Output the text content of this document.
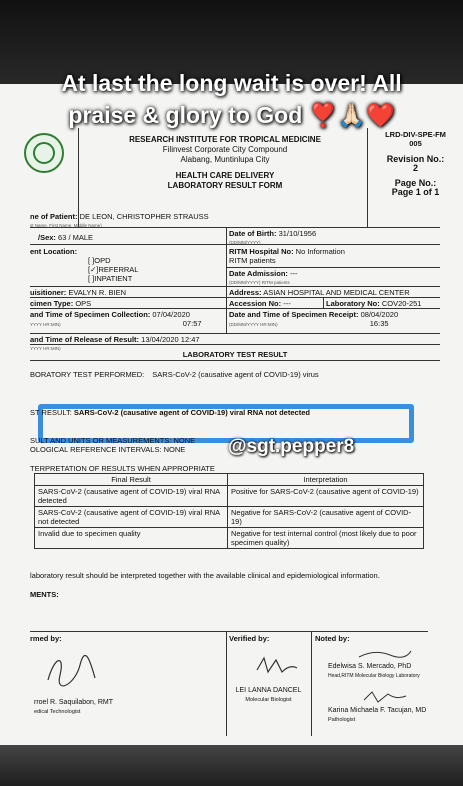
RESEARCH INSTITUTE FOR TROPICAL MEDICINE
Filinvest Corporate City Compound
Alabang, Muntinlupa City

HEALTH CARE DELIVERY
LABORATORY RESULT FORM
LRD-DIV-SPE-FM
005

Revision No.:
2

Page No.:
Page 1 of 1
At last the long wait is over! All
praise & glory to God ❣️🙏🏻❤️
ne of Patient: DE LEON, CHRISTOPHER STRAUSS
st Name, First Name, Middle Name)
/Sex: 63 / MALE	Date of Birth: 31/10/1956
(DD/MM/YYYY)
ent Location:
[ ]OPD
[✓]REFERRAL
[ ]INPATIENT
RITM Hospital No: No Information
RITM patients
Date Admission: ---
(DD/MM/YYYY) RITM patients
uisitioner: EVALYN R. BIEN	Address: ASIAN HOSPITAL AND MEDICAL CENTER
cimen Type: OPS	Accession No: ---	Laboratory No: COV20-251
and Time of Specimen Collection: 07/04/2020
YYYY HR:MIN)	07:57
Date and Time of Specimen Receipt: 08/04/2020
(DD/MM/YYYY HR:MIN)	16:35
and Time of Release of Result: 13/04/2020 12:47
YYYY HR:MIN)
LABORATORY TEST RESULT
BORATORY TEST PERFORMED: SARS-CoV-2 (causative agent of COVID-19) virus
ST RESULT: SARS-CoV-2 (causative agent of COVID-19) viral RNA not detected
SULT AND UNITS OR MEASUREMENTS: NONE
OLOGICAL REFERENCE INTERVALS: NONE @sgt.pepper8
TERPRETATION OF RESULTS WHEN APPROPRIATE
Final Result	Interpretation
SARS-CoV-2 (causative agent of COVID-19) viral RNA detected	Positive for SARS-CoV-2 (causative agent of COVID-19)
SARS-CoV-2 (causative agent of COVID-19) viral RNA not detected	Negative for SARS-CoV-2 (causative agent of COVID-19)
Invalid due to specimen quality	Negative for test internal control (most likely due to poor specimen quality)
laboratory result should be interpreted together with the available clinical and epidemiological information.
MENTS:
rmed by:	Verified by:	Noted by:
rroel R. Saquilabon, RMT
edical Technologist
LEI LANNA DANCEL
Molecular Biologist
Edelwisa S. Mercado, PhD
Head,RITM Molecular Biology Laboratory
Karina Michaela F. Tacujan, MD
Pathologist
